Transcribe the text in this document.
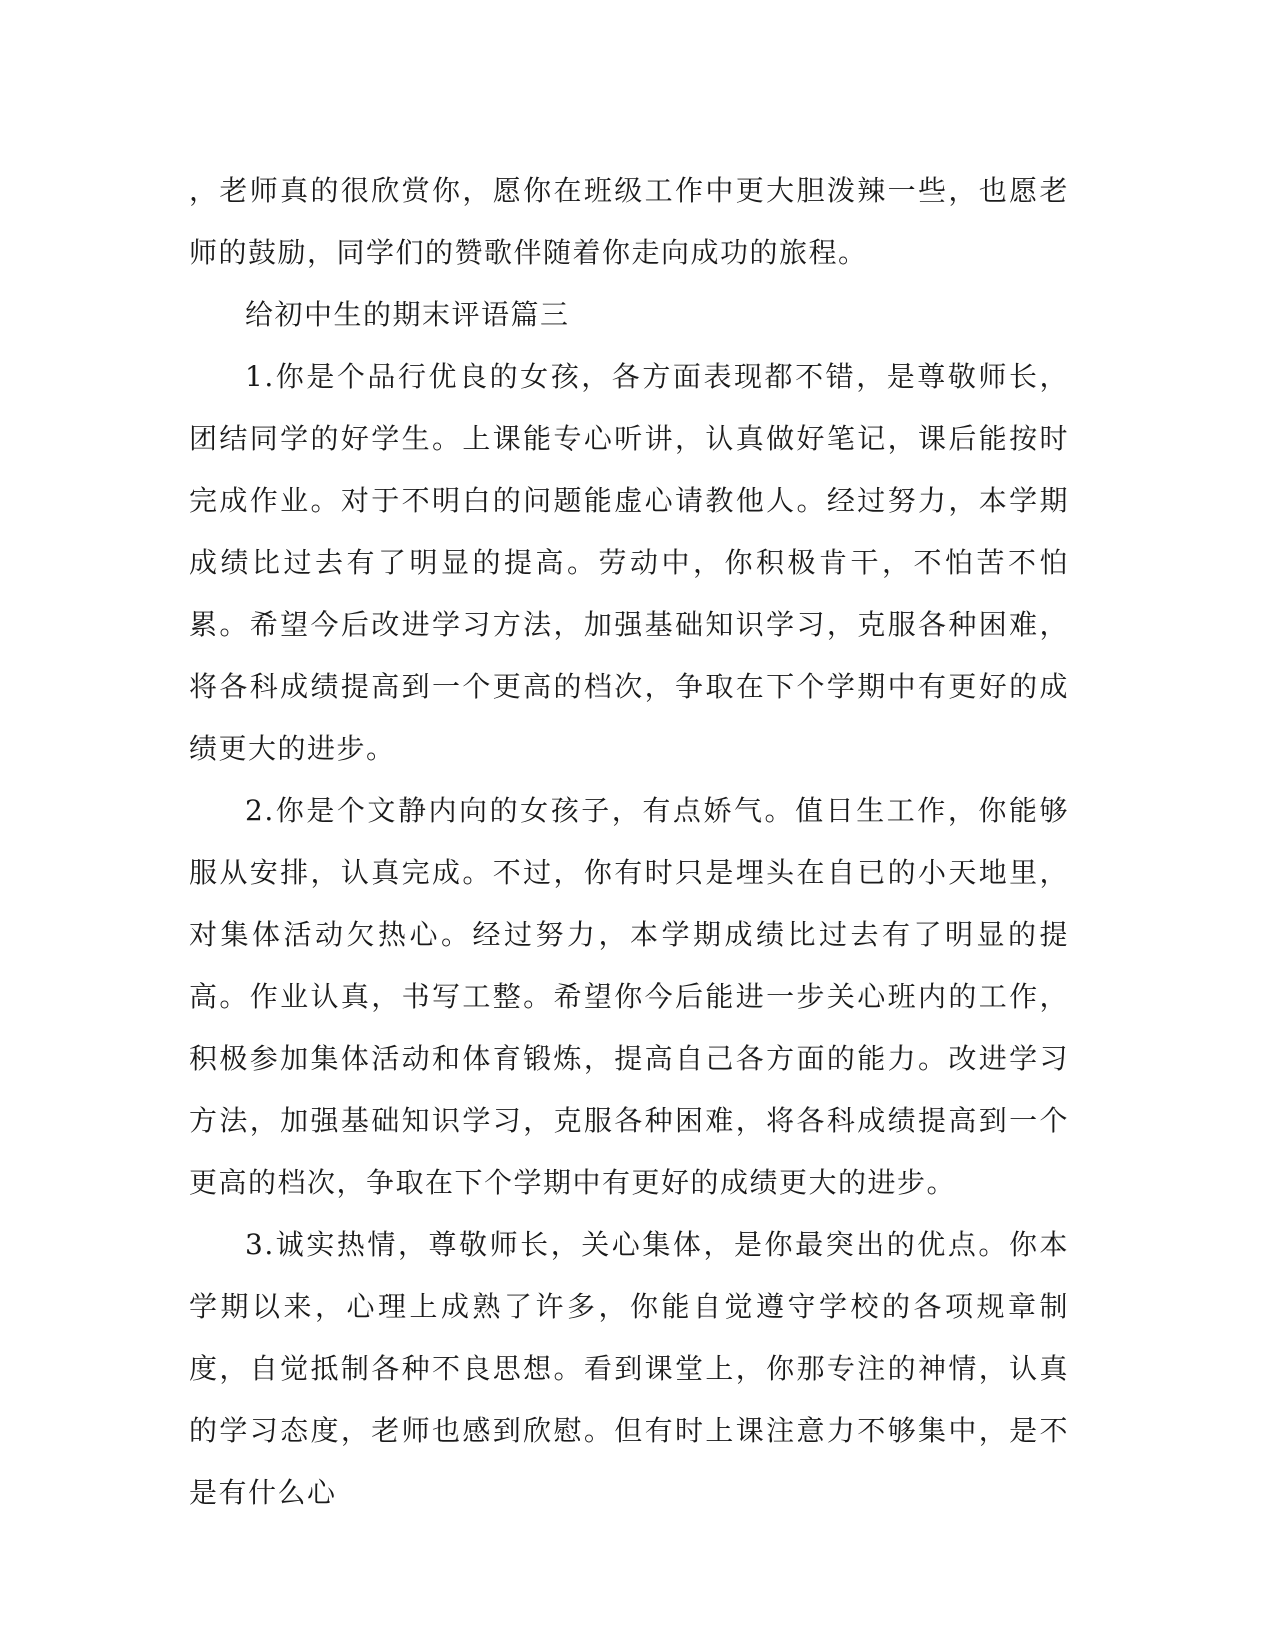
，老师真的很欣赏你，愿你在班级工作中更大胆泼辣一些，也愿老师的鼓励，同学们的赞歌伴随着你走向成功的旅程。

给初中生的期末评语篇三

1.你是个品行优良的女孩，各方面表现都不错，是尊敬师长，团结同学的好学生。上课能专心听讲，认真做好笔记，课后能按时完成作业。对于不明白的问题能虚心请教他人。经过努力，本学期成绩比过去有了明显的提高。劳动中，你积极肯干，不怕苦不怕累。希望今后改进学习方法，加强基础知识学习，克服各种困难，将各科成绩提高到一个更高的档次，争取在下个学期中有更好的成绩更大的进步。

2.你是个文静内向的女孩子，有点娇气。值日生工作，你能够服从安排，认真完成。不过，你有时只是埋头在自已的小天地里，对集体活动欠热心。经过努力，本学期成绩比过去有了明显的提高。作业认真，书写工整。希望你今后能进一步关心班内的工作，积极参加集体活动和体育锻炼，提高自己各方面的能力。改进学习方法，加强基础知识学习，克服各种困难，将各科成绩提高到一个更高的档次，争取在下个学期中有更好的成绩更大的进步。

3.诚实热情，尊敬师长，关心集体，是你最突出的优点。你本学期以来，心理上成熟了许多，你能自觉遵守学校的各项规章制度，自觉抵制各种不良思想。看到课堂上，你那专注的神情，认真的学习态度，老师也感到欣慰。但有时上课注意力不够集中，是不是有什么心
